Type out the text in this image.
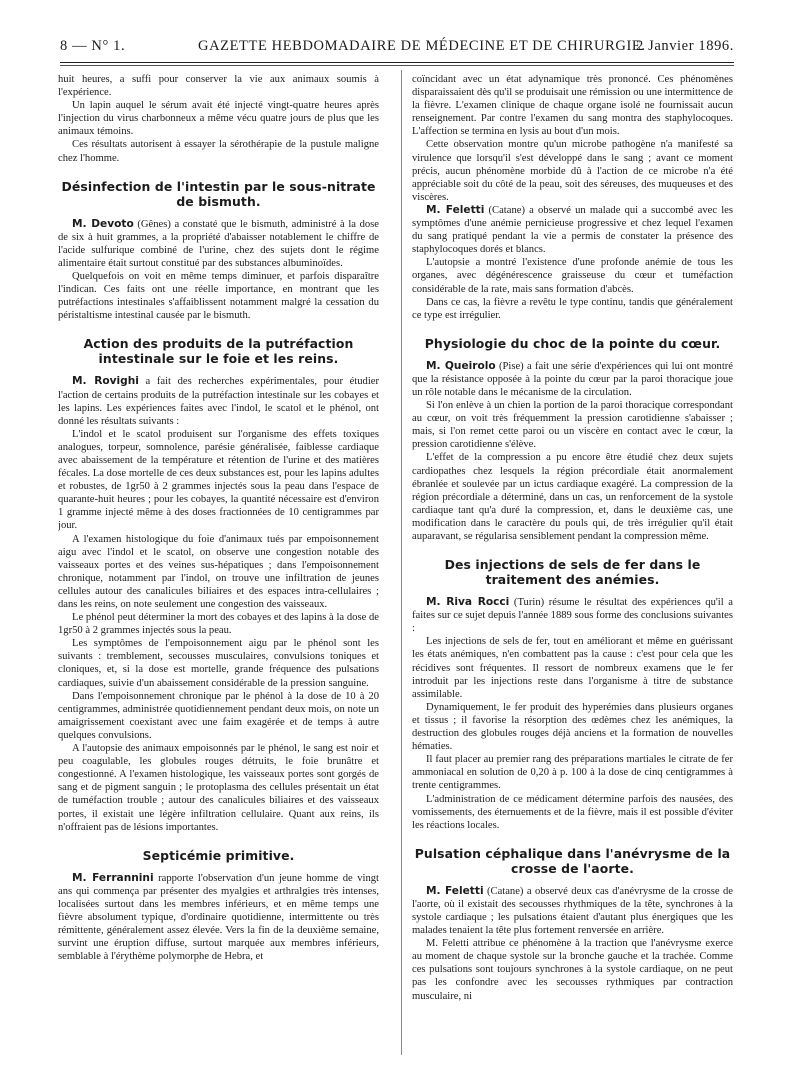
8 — N° 1.	GAZETTE HEBDOMADAIRE DE MÉDECINE ET DE CHIRURGIE.
2 Janvier 1896.

huit heures, a suffi pour conserver la vie aux animaux soumis à l'expérience.

Un lapin auquel le sérum avait été injecté vingt-quatre heures après l'injection du virus charbonneux a même vécu quatre jours de plus que les animaux témoins.

Ces résultats autorisent à essayer la sérothérapie de la pustule maligne chez l'homme.

Désinfection de l'intestin par le sous-nitrate de bismuth.

M. Devoto (Gênes) a constaté que le bismuth, administré à la dose de six à huit grammes, a la propriété d'abaisser notablement le chiffre de l'acide sulfurique combiné de l'urine, chez des sujets dont le régime alimentaire était surtout constitué par des substances albuminoïdes.

Quelquefois on voit en même temps diminuer, et parfois disparaître l'indican. Ces faits ont une réelle importance, en montrant que les putréfactions intestinales s'affaiblissent notamment malgré la cessation du péristaltisme intestinal causée par le bismuth.

Action des produits de la putréfaction intestinale sur le foie et les reins.

M. Rovighi a fait des recherches expérimentales, pour étudier l'action de certains produits de la putréfaction intestinale sur les cobayes et les lapins. Les expériences faites avec l'indol, le scatol et le phénol, ont donné les résultats suivants :

L'indol et le scatol produisent sur l'organisme des effets toxiques analogues, torpeur, somnolence, parésie généralisée, faiblesse cardiaque avec abaissement de la température et rétention de l'urine et des matières fécales. La dose mortelle de ces deux substances est, pour les lapins adultes et robustes, de 1gr50 à 2 grammes injectés sous la peau dans l'espace de quarante-huit heures ; pour les cobayes, la quantité nécessaire est d'environ 1 gramme injecté même à des doses fractionnées de 10 centigrammes par jour.

A l'examen histologique du foie d'animaux tués par empoisonnement aigu avec l'indol et le scatol, on observe une congestion notable des vaisseaux portes et des veines sus-hépatiques ; dans l'empoisonnement chronique, notamment par l'indol, on trouve une infiltration de jeunes cellules autour des canalicules biliaires et des espaces intra-cellulaires ; dans les reins, on note seulement une congestion des vaisseaux.

Le phénol peut déterminer la mort des cobayes et des lapins à la dose de 1gr50 à 2 grammes injectés sous la peau.

Les symptômes de l'empoisonnement aigu par le phénol sont les suivants : tremblement, secousses musculaires, convulsions toniques et cloniques, et, si la dose est mortelle, grande fréquence des pulsations cardiaques, suivie d'un abaissement considérable de la pression sanguine.

Dans l'empoisonnement chronique par le phénol à la dose de 10 à 20 centigrammes, administrée quotidiennement pendant deux mois, on note un amaigrissement coexistant avec une faim exagérée et de temps à autre quelques convulsions.

A l'autopsie des animaux empoisonnés par le phénol, le sang est noir et peu coagulable, les globules rouges détruits, le foie brunâtre et congestionné. A l'examen histologique, les vaisseaux portes sont gorgés de sang et de pigment sanguin ; le protoplasma des cellules présentait un état de tuméfaction trouble ; autour des canalicules biliaires et des vaisseaux portes, il existait une légère infiltration cellulaire. Quant aux reins, ils n'offraient pas de lésions importantes.

Septicémie primitive.

M. Ferrannini rapporte l'observation d'un jeune homme de vingt ans qui commença par présenter des myalgies et arthralgies très intenses, localisées surtout dans les membres inférieurs, et en même temps une fièvre absolument typique, d'ordinaire quotidienne, intermittente ou très rémittente, généralement assez élevée. Vers la fin de la deuxième semaine, survint une éruption diffuse, surtout marquée aux membres inférieurs, semblable à l'érythème polymorphe de Hebra, et

coïncidant avec un état adynamique très prononcé. Ces phénomènes disparaissaient dès qu'il se produisait une rémission ou une intermittence de la fièvre. L'examen clinique de chaque organe isolé ne fournissait aucun renseignement. Par contre l'examen du sang montra des staphylocoques. L'affection se termina en lysis au bout d'un mois.

Cette observation montre qu'un microbe pathogène n'a manifesté sa virulence que lorsqu'il s'est développé dans le sang ; avant ce moment précis, aucun phénomène morbide dû à l'action de ce microbe n'a été appréciable soit du côté de la peau, soit des séreuses, des muqueuses et des viscères.

M. Feletti (Catane) a observé un malade qui a succombé avec les symptômes d'une anémie pernicieuse progressive et chez lequel l'examen du sang pratiqué pendant la vie a permis de constater la présence des staphylocoques dorés et blancs.

L'autopsie a montré l'existence d'une profonde anémie de tous les organes, avec dégénérescence graisseuse du cœur et tuméfaction considérable de la rate, mais sans formation d'abcès.

Dans ce cas, la fièvre a revêtu le type continu, tandis que généralement ce type est irrégulier.

Physiologie du choc de la pointe du cœur.

M. Queirolo (Pise) a fait une série d'expériences qui lui ont montré que la résistance opposée à la pointe du cœur par la paroi thoracique joue un rôle notable dans le mécanisme de la circulation.

Si l'on enlève à un chien la portion de la paroi thoracique correspondant au cœur, on voit très fréquemment la pression carotidienne s'abaisser ; mais, si l'on remet cette paroi ou un viscère en contact avec le cœur, la pression carotidienne s'élève.

L'effet de la compression a pu encore être étudié chez deux sujets cardiopathes chez lesquels la région précordiale était anormalement ébranlée et soulevée par un ictus cardiaque exagéré. La compression de la région précordiale a déterminé, dans un cas, un renforcement de la systole cardiaque tant qu'a duré la compression, et, dans le deuxième cas, une modification dans le caractère du pouls qui, de très irrégulier qu'il était auparavant, se régularisa sensiblement pendant la compression même.

Des injections de sels de fer dans le traitement des anémies.

M. Riva Rocci (Turin) résume le résultat des expériences qu'il a faites sur ce sujet depuis l'année 1889 sous forme des conclusions suivantes :

Les injections de sels de fer, tout en améliorant et même en guérissant les états anémiques, n'en combattent pas la cause : c'est pour cela que les récidives sont fréquentes. Il ressort de nombreux examens que le fer introduit par les injections reste dans l'organisme à titre de substance assimilable.

Dynamiquement, le fer produit des hyperémies dans plusieurs organes et tissus ; il favorise la résorption des œdèmes chez les anémiques, la destruction des globules rouges déjà anciens et la formation de nouvelles hématies.

Il faut placer au premier rang des préparations martiales le citrate de fer ammoniacal en solution de 0,20 à p. 100 à la dose de cinq centigrammes à trente centigrammes.

L'administration de ce médicament détermine parfois des nausées, des vomissements, des éternuements et de la fièvre, mais il est possible d'éviter les réactions locales.

Pulsation céphalique dans l'anévrysme de la crosse de l'aorte.

M. Feletti (Catane) a observé deux cas d'anévrysme de la crosse de l'aorte, où il existait des secousses rhythmiques de la tête, synchrones à la systole cardiaque ; les pulsations étaient d'autant plus énergiques que les malades tenaient la tête plus fortement renversée en arrière.

M. Feletti attribue ce phénomène à la traction que l'anévrysme exerce au moment de chaque systole sur la bronche gauche et la trachée. Comme ces pulsations sont toujours synchrones à la systole cardiaque, on ne peut pas les confondre avec les secousses rythmiques par contraction musculaire, ni
